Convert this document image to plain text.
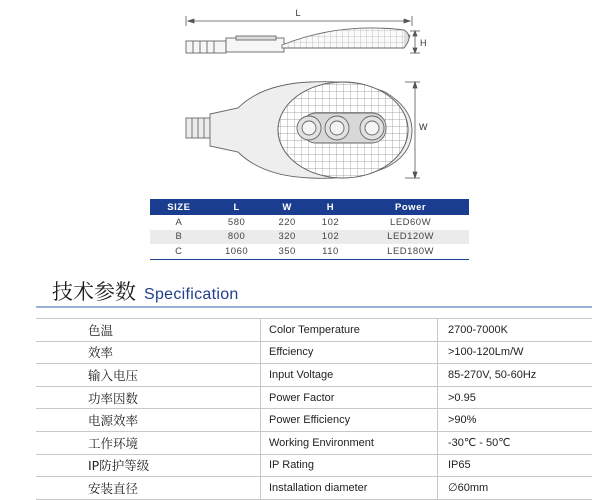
L
H
W
SIZE	L	W	H	Power
A	580	220	102	LED60W
B	800	320	102	LED120W
C	1060	350	110	LED180W
技术参数 Specification
色温	Color Temperature	2700-7000K
效率	Effciency	>100-120Lm/W
输入电压	Input Voltage	85-270V, 50-60Hz
功率因数	Power Factor	>0.95
电源效率	Power Efficiency	>90%
工作环境	Working Environment	-30℃ - 50℃
IP防护等级	IP Rating	IP65
安装直径	Installation diameter	∅60mm
